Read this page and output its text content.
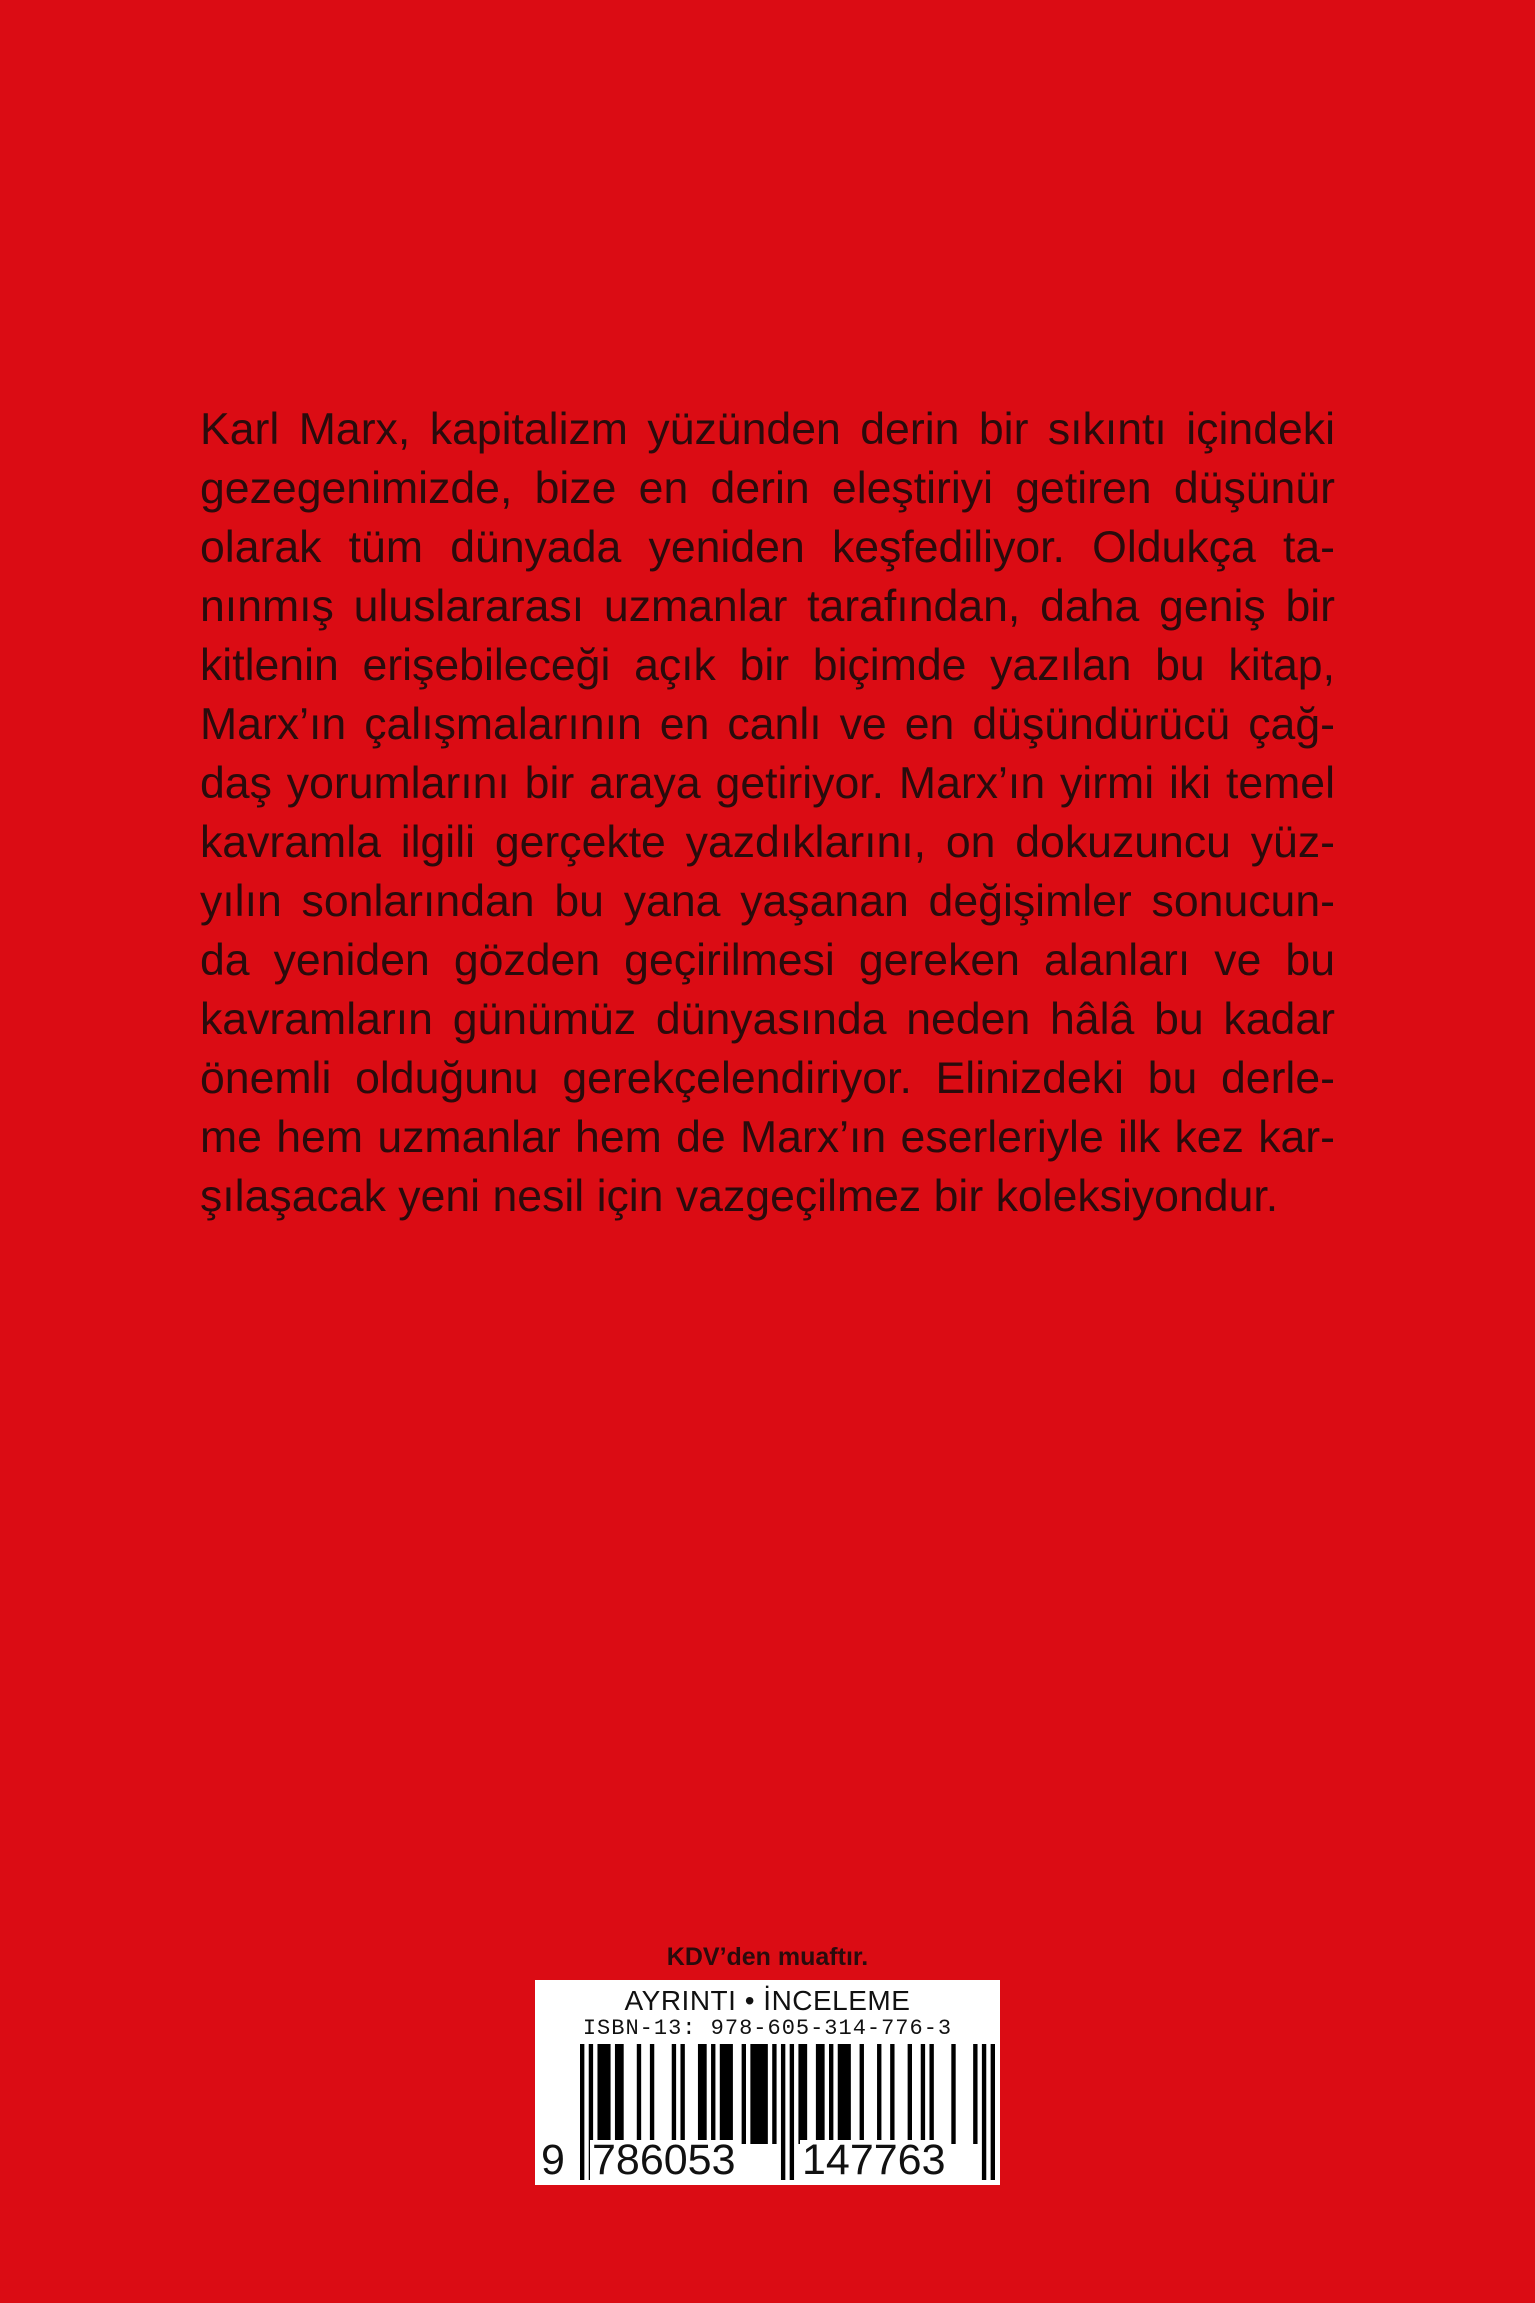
Karl Marx, kapitalizm yüzünden derin bir sıkıntı içindeki
gezegenimizde, bize en derin eleştiriyi getiren düşünür
olarak tüm dünyada yeniden keşfediliyor. Oldukça ta-
nınmış uluslararası uzmanlar tarafından, daha geniş bir
kitlenin erişebileceği açık bir biçimde yazılan bu kitap,
Marx’ın çalışmalarının en canlı ve en düşündürücü çağ-
daş yorumlarını bir araya getiriyor. Marx’ın yirmi iki temel
kavramla ilgili gerçekte yazdıklarını, on dokuzuncu yüz-
yılın sonlarından bu yana yaşanan değişimler sonucun-
da yeniden gözden geçirilmesi gereken alanları ve bu
kavramların günümüz dünyasında neden hâlâ bu kadar
önemli olduğunu gerekçelendiriyor. Elinizdeki bu derle-
me hem uzmanlar hem de Marx’ın eserleriyle ilk kez kar-
şılaşacak yeni nesil için vazgeçilmez bir koleksiyondur.
KDV’den muaftır.
AYRINTI • İNCELEME
ISBN-13: 978-605-314-776-3
9 786053 147763
